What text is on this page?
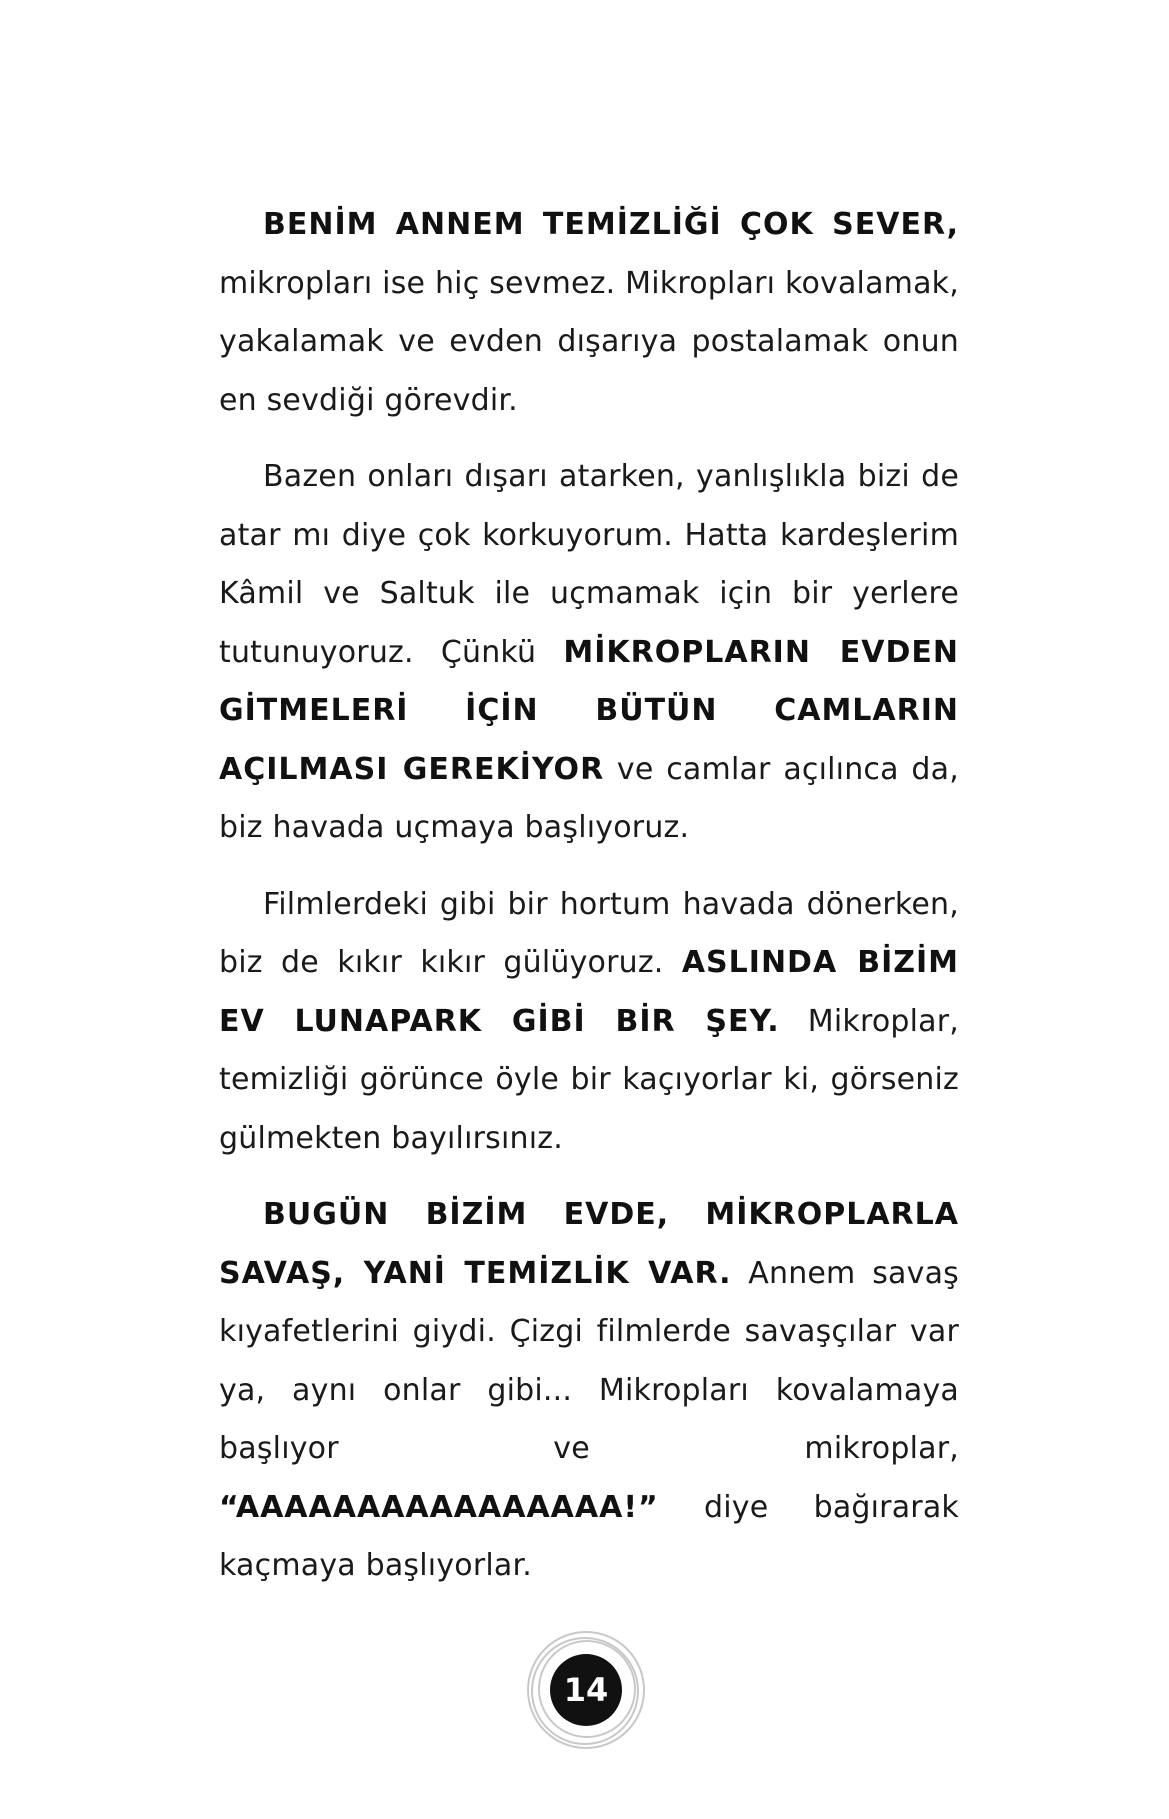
BENİM ANNEM TEMİZLİĞİ ÇOK SEVER, mikropları ise hiç sevmez. Mikropları kovalamak, yakalamak ve evden dışarıya postalamak onun en sevdiği görevdir.

Bazen onları dışarı atarken, yanlışlıkla bizi de atar mı diye çok korkuyorum. Hatta kardeşlerim Kâmil ve Saltuk ile uçmamak için bir yerlere tutunuyoruz. Çünkü MİKROPLARIN EVDEN GİTMELERİ İÇİN BÜTÜN CAMLARIN AÇILMASI GEREKİYOR ve camlar açılınca da, biz havada uçmaya başlıyoruz.

Filmlerdeki gibi bir hortum havada dönerken, biz de kıkır kıkır gülüyoruz. ASLINDA BİZİM EV LUNAPARK GİBİ BİR ŞEY. Mikroplar, temizliği görünce öyle bir kaçıyorlar ki, görseniz gülmekten bayılırsınız.

BUGÜN BİZİM EVDE, MİKROPLARLA SAVAŞ, YANİ TEMİZLİK VAR. Annem savaş kıyafetlerini giydi. Çizgi filmlerde savaşçılar var ya, aynı onlar gibi... Mikropları kovalamaya başlıyor ve mikroplar, “AAAAAAAAAAAAAAAA!” diye bağırarak kaçmaya başlıyorlar.

14
